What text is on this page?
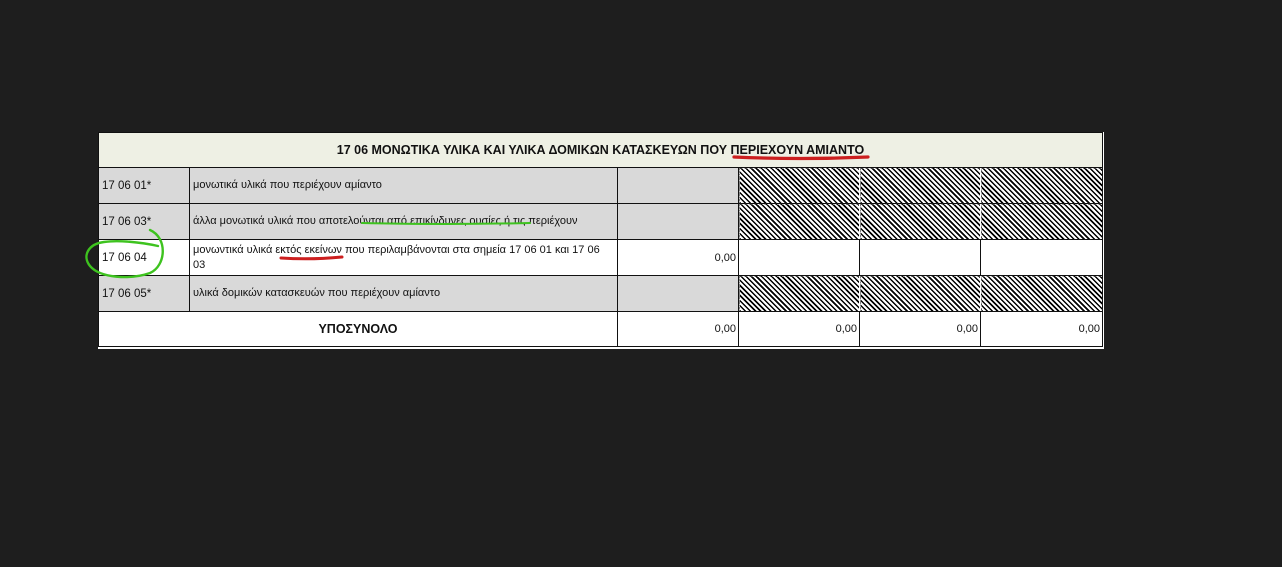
17 06 ΜΟΝΩΤΙΚΑ ΥΛΙΚΑ ΚΑΙ ΥΛΙΚΑ ΔΟΜΙΚΩΝ ΚΑΤΑΣΚΕΥΩΝ ΠΟΥ ΠΕΡΙΕΧΟΥΝ ΑΜΙΑΝΤΟ					
17 06 01*	μονωτικά υλικά που περιέχουν αμίαντο				
17 06 03*	άλλα μονωτικά υλικά που αποτελούνται από επικίνδυνες ουσίες ή τις περιέχουν				
17 06 04	μονωντικά υλικά εκτός εκείνων που περιλαμβάνονται στα σημεία 17 06 01 και 17 06 03	0,00			
17 06 05*	υλικά δομικών κατασκευών που περιέχουν αμίαντο				
ΥΠΟΣΥΝΟΛΟ		0,00	0,00	0,00	0,00
